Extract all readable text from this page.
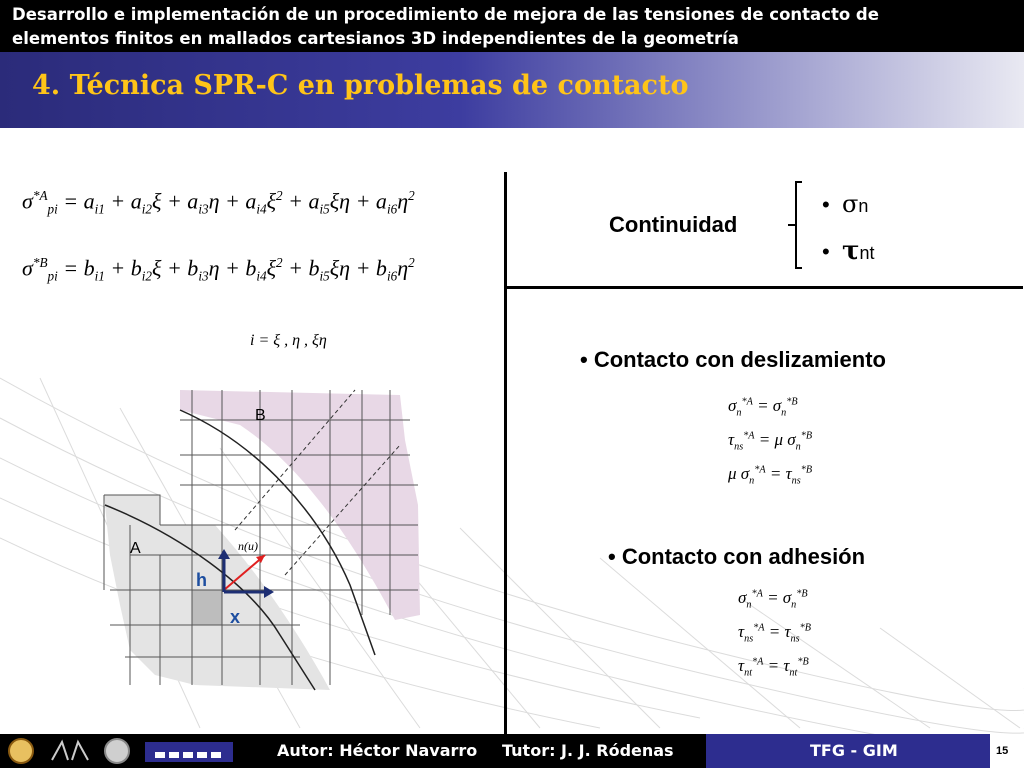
Desarrollo e implementación de un procedimiento de mejora de las tensiones de contacto de
elementos finitos en mallados cartesianos 3D independientes de la geometría
4. Técnica SPR-C en problemas de contacto
$\sigma^{*A}_{pi} = a_{i1} + a_{i2}\xi + a_{i3}\eta + a_{i4}\xi^2 + a_{i5}\xi\eta + a_{i6}\eta^2$
$\sigma^{*B}_{pi} = b_{i1} + b_{i2}\xi + b_{i3}\eta + b_{i4}\xi^2 + b_{i5}\xi\eta + b_{i6}\eta^2$
i = ξ , η , ξη
B
A	n(u)
h
x
Continuidad
• σn
• τnt
• Contacto con deslizamiento
$\sigma_n^{*A} = \sigma_n^{*B}$
$\tau_{ns}^{*A} = \mu$ $\sigma_n^{*B}$
μ $\sigma_n^{*A} = \tau_{ns}^{*B}$
• Contacto con adhesión
$\sigma_n^{*A} = \sigma_n^{*B}$
$\tau_{ns}^{*A} = \tau_{ns}^{*B}$
$\tau_{nt}^{*A} = \tau_{nt}^{*B}$
Autor: Héctor Navarro Tutor: J. J. Ródenas	TFG - GIM	15
